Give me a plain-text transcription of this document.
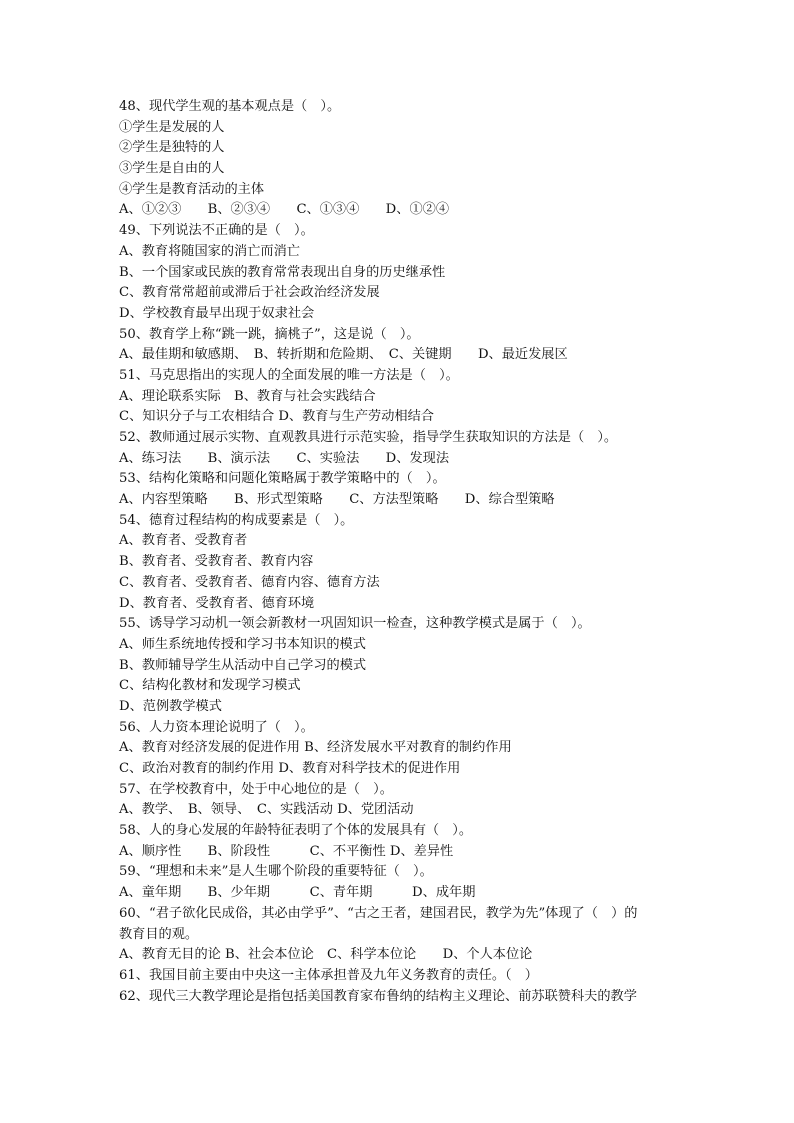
48、现代学生观的基本观点是（　）。
①学生是发展的人
②学生是独特的人
③学生是自由的人
④学生是教育活动的主体
A、①②③　　B、②③④　　C、①③④　　D、①②④
49、下列说法不正确的是（　）。
A、教育将随国家的消亡而消亡
B、一个国家或民族的教育常常表现出自身的历史继承性
C、教育常常超前或滞后于社会政治经济发展
D、学校教育最早出现于奴隶社会
50、教育学上称“跳一跳，摘桃子”，这是说（　）。
A、最佳期和敏感期、　B、转折期和危险期、　C、关键期　　D、最近发展区
51、马克思指出的实现人的全面发展的唯一方法是（　）。
A、理论联系实际　B、教育与社会实践结合
C、知识分子与工农相结合 D、教育与生产劳动相结合
52、教师通过展示实物、直观教具进行示范实验，指导学生获取知识的方法是（　）。
A、练习法　　B、演示法　　C、实验法　　D、发现法
53、结构化策略和问题化策略属于教学策略中的（　）。
A、内容型策略　　B、形式型策略　　C、方法型策略　　D、综合型策略
54、德育过程结构的构成要素是（　）。
A、教育者、受教育者
B、教育者、受教育者、教育内容
C、教育者、受教育者、德育内容、德育方法
D、教育者、受教育者、德育环境
55、诱导学习动机一领会新教材一巩固知识一检查，这种教学模式是属于（　）。
A、师生系统地传授和学习书本知识的模式
B、教师辅导学生从活动中自己学习的模式
C、结构化教材和发现学习模式
D、范例教学模式
56、人力资本理论说明了（　）。
A、教育对经济发展的促进作用 B、经济发展水平对教育的制约作用
C、政治对教育的制约作用 D、教育对科学技术的促进作用
57、在学校教育中，处于中心地位的是（　）。
A、教学、　B、领导、　C、实践活动 D、党团活动
58、人的身心发展的年龄特征表明了个体的发展具有（　）。
A、顺序性　　B、阶段性　　　C、不平衡性 D、差异性
59、“理想和未来”是人生哪个阶段的重要特征（　）。
A、童年期　　B、少年期　　　C、青年期　　　D、成年期
60、“君子欲化民成俗，其必由学乎”、“古之王者，建国君民，教学为先”体现了（　）的
教育目的观。
A、教育无目的论 B、社会本位论　C、科学本位论　　D、个人本位论
61、我国目前主要由中央这一主体承担普及九年义务教育的责任。（　）
62、现代三大教学理论是指包括美国教育家布鲁纳的结构主义理论、前苏联赞科夫的教学
